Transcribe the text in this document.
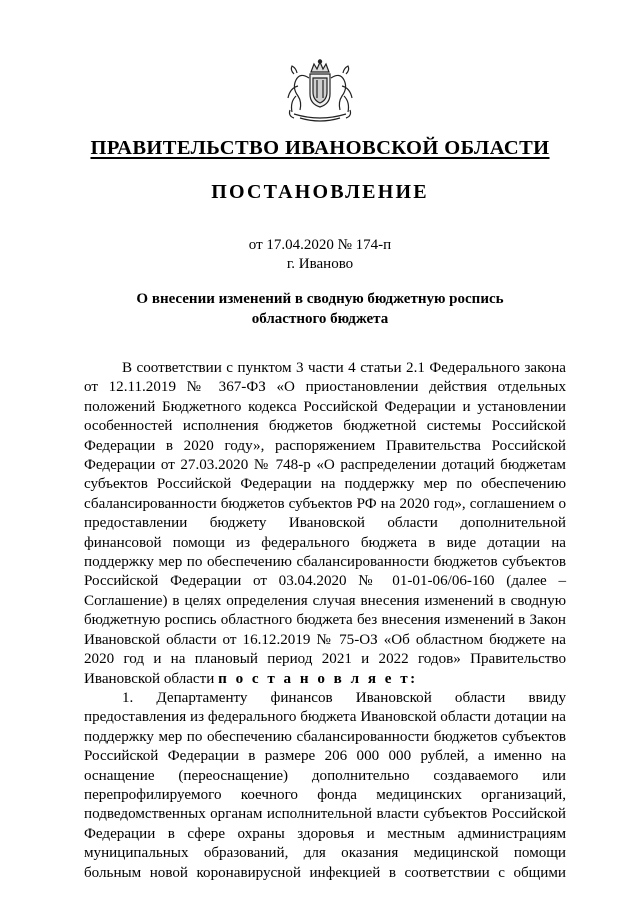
ПРАВИТЕЛЬСТВО ИВАНОВСКОЙ ОБЛАСТИ
ПОСТАНОВЛЕНИЕ
от 17.04.2020 № 174-п
г. Иваново
О внесении изменений в сводную бюджетную роспись
областного бюджета

В соответствии с пунктом 3 части 4 статьи 2.1 Федерального закона от 12.11.2019 № 367-ФЗ «О приостановлении действия отдельных положений Бюджетного кодекса Российской Федерации и установлении особенностей исполнения бюджетов бюджетной системы Российской Федерации в 2020 году», распоряжением Правительства Российской Федерации от 27.03.2020 № 748-р «О распределении дотаций бюджетам субъектов Российской Федерации на поддержку мер по обеспечению сбалансированности бюджетов субъектов РФ на 2020 год», соглашением о предоставлении бюджету Ивановской области дополнительной финансовой помощи из федерального бюджета в виде дотации на поддержку мер по обеспечению сбалансированности бюджетов субъектов Российской Федерации от 03.04.2020 № 01-01-06/06-160 (далее – Соглашение) в целях определения случая внесения изменений в сводную бюджетную роспись областного бюджета без внесения изменений в Закон Ивановской области от 16.12.2019 № 75-ОЗ «Об областном бюджете на 2020 год и на плановый период 2021 и 2022 годов» Правительство Ивановской области п о с т а н о в л я е т:

1. Департаменту финансов Ивановской области ввиду предоставления из федерального бюджета Ивановской области дотации на поддержку мер по обеспечению сбалансированности бюджетов субъектов Российской Федерации в размере 206 000 000 рублей, а именно на оснащение (переоснащение) дополнительно создаваемого или перепрофилируемого коечного фонда медицинских организаций, подведомственных органам исполнительной власти субъектов Российской Федерации в сфере охраны здоровья и местным администрациям муниципальных образований, для оказания медицинской помощи больным новой коронавирусной инфекцией в соответствии с общими
